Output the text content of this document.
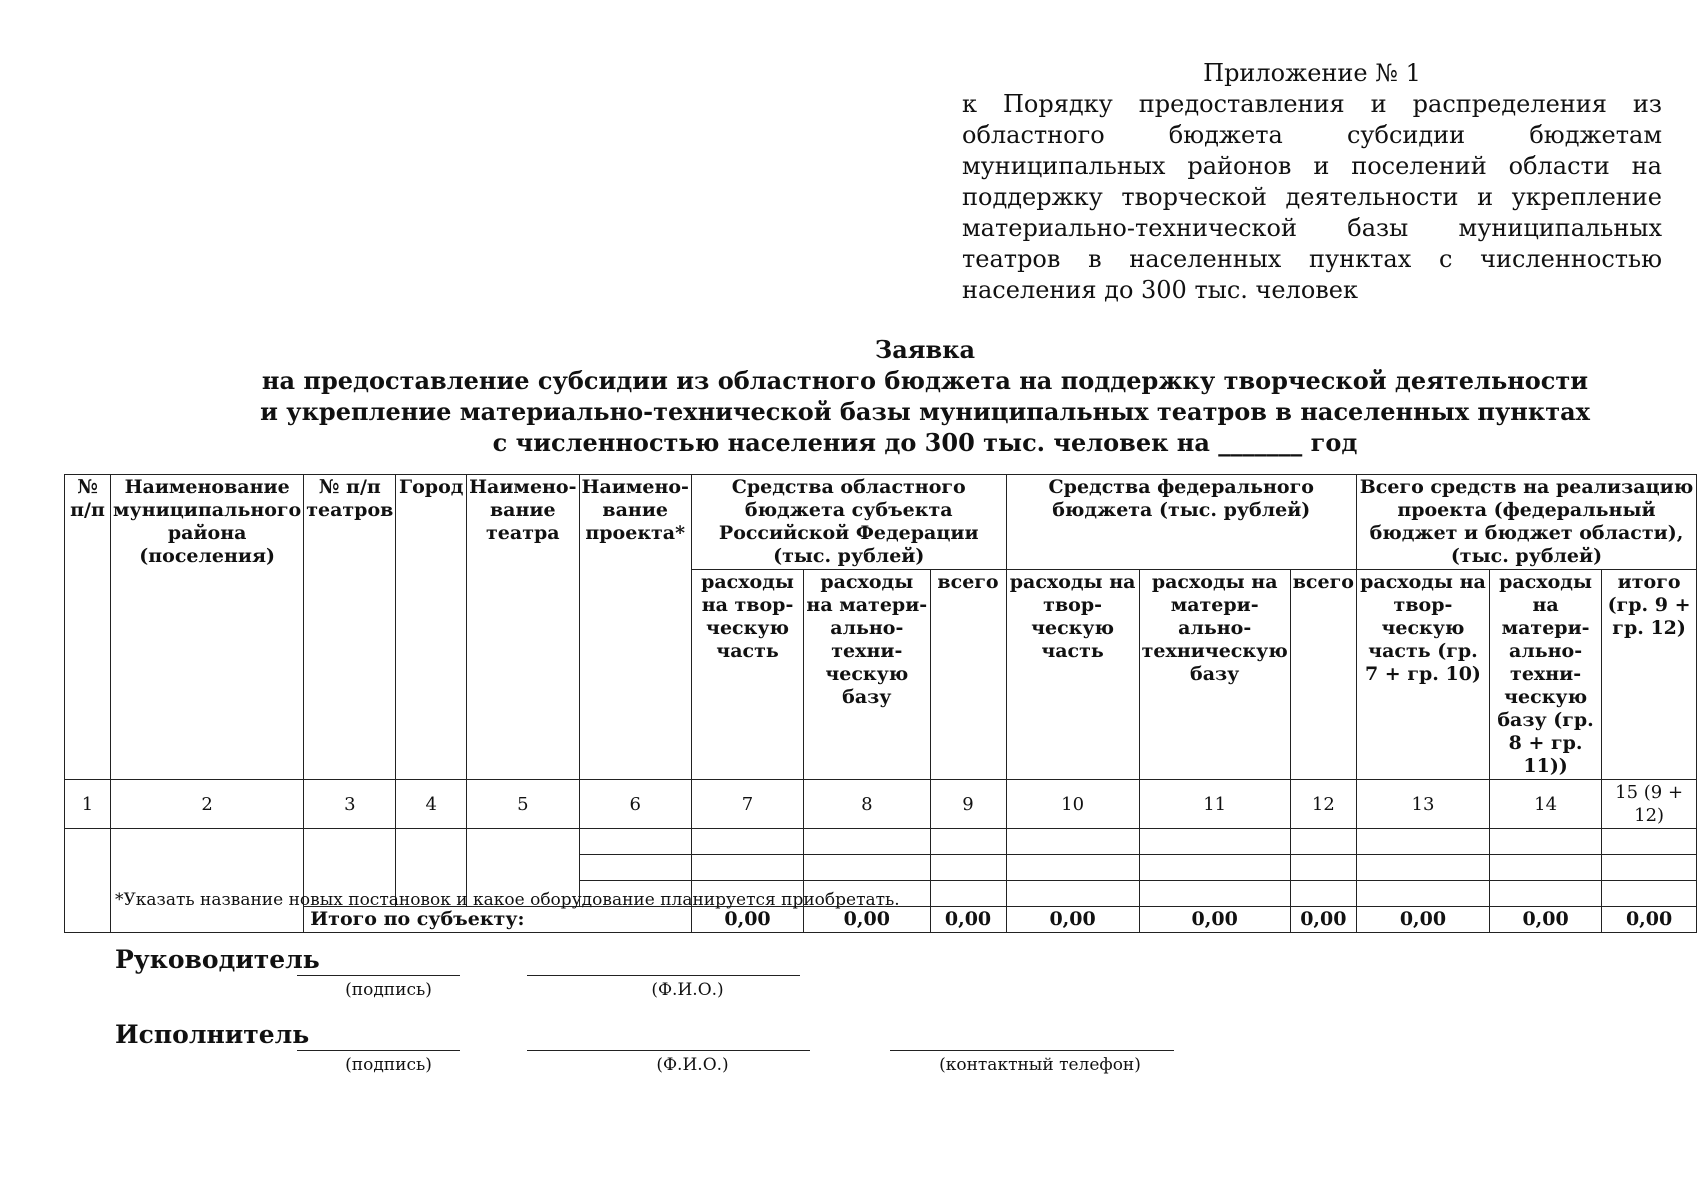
Приложение № 1
к Порядку предоставления и распределения из областного бюджета субсидии бюджетам муниципальных районов и поселений области на поддержку творческой деятельности и укрепление материально-технической базы муниципальных театров в населенных пунктах с численностью населения до 300 тыс. человек
Заявка
на предоставление субсидии из областного бюджета на поддержку творческой деятельности
и укрепление материально-технической базы муниципальных театров в населенных пунктах
с численностью населения до 300 тыс. человек на _______ год
№ п/п	Наименование муниципального района (поселения)	№ п/п театров	Город	Наимено-вание театра	Наимено-вание проекта*	Средства областного бюджета субъекта Российской Федерации (тыс. рублей)			Средства федерального бюджета (тыс. рублей)			Всего средств на реализацию проекта (федеральный бюджет и бюджет области), (тыс. рублей)		
						расходы на твор-ческую часть	расходы на матери-ально-техни-ческую базу	всего	расходы на твор-ческую часть	расходы на матери-ально-техническую базу	всего	расходы на твор-ческую часть (гр. 7 + гр. 10)	расходы на матери-ально-техни-ческую базу (гр. 8 + гр. 11))	итого (гр. 9 + гр. 12)
1	2	3	4	5	6	7	8	9	10	11	12	13	14	15 (9 + 12)

		Итого по субъекту:				0,00	0,00	0,00	0,00	0,00	0,00	0,00	0,00	0,00
*Указать название новых постановок и какое оборудование планируется приобретать.
Руководитель
(подпись)	(Ф.И.О.)
Исполнитель
(подпись)	(Ф.И.О.)	(контактный телефон)
